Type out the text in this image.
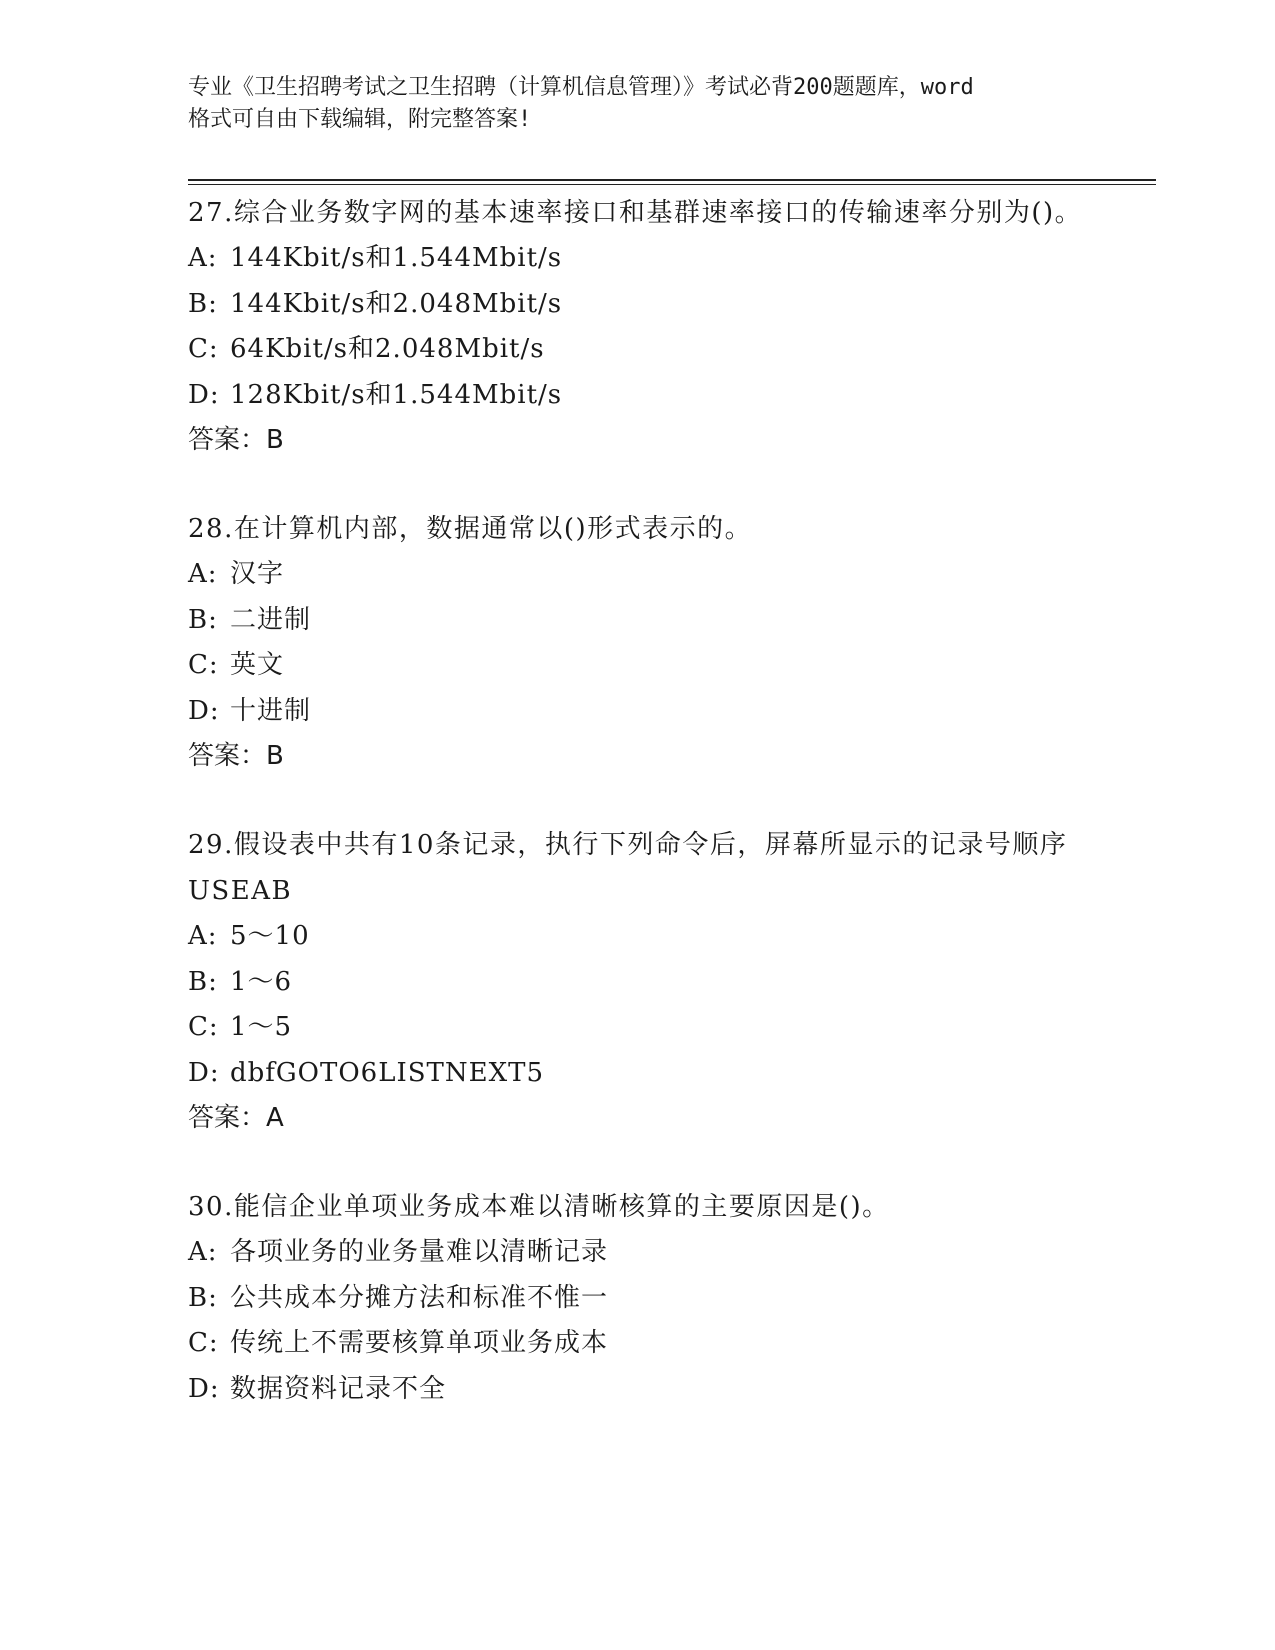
专业《卫生招聘考试之卫生招聘（计算机信息管理）》考试必背200题题库，word
格式可自由下载编辑，附完整答案!

27.综合业务数字网的基本速率接口和基群速率接口的传输速率分别为()。

A: 144Kbit/s和1.544Mbit/s

B: 144Kbit/s和2.048Mbit/s

C: 64Kbit/s和2.048Mbit/s

D: 128Kbit/s和1.544Mbit/s

答案：B

28.在计算机内部，数据通常以()形式表示的。

A: 汉字

B: 二进制

C: 英文

D: 十进制

答案：B

29.假设表中共有10条记录，执行下列命令后，屏幕所显示的记录号顺序USEAB

A: 5～10

B: 1～6

C: 1～5

D: dbfGOTO6LISTNEXT5

答案：A

30.能信企业单项业务成本难以清晰核算的主要原因是()。

A: 各项业务的业务量难以清晰记录

B: 公共成本分摊方法和标准不惟一

C: 传统上不需要核算单项业务成本

D: 数据资料记录不全
